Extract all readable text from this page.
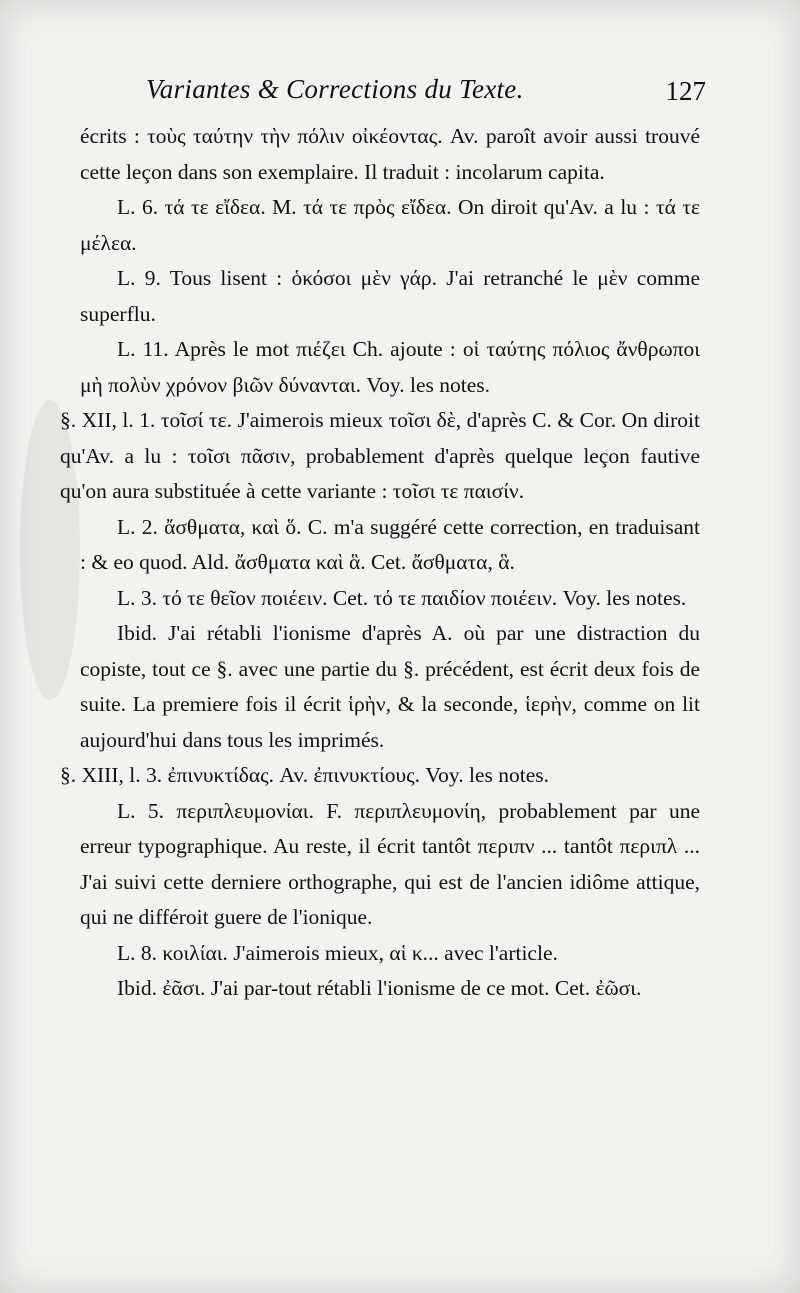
Variantes & Corrections du Texte.	127

écrits : τοὺς ταύτην τὴν πόλιν οἰκέοντας. Av. paroît avoir aussi trouvé cette leçon dans son exemplaire. Il traduit : incolarum capita.

L. 6. τά τε εἴδεα. M. τά τε πρὸς εἴδεα. On diroit qu'Av. a lu : τά τε μέλεα.

L. 9. Tous lisent : ὁκόσοι μὲν γάρ. J'ai retranché le μὲν comme superflu.

L. 11. Après le mot πιέζει Ch. ajoute : οἱ ταύτης πόλιος ἄνθρωποι μὴ πολὺν χρόνον βιῶν δύνανται. Voy. les notes.

§. XII, l. 1. τοῖσί τε. J'aimerois mieux τοῖσι δὲ, d'après C. & Cor. On diroit qu'Av. a lu : τοῖσι πᾶσιν, probablement d'après quelque leçon fautive qu'on aura substituée à cette variante : τοῖσι τε παισίν.

L. 2. ἄσθματα, καὶ ὅ. C. m'a suggéré cette correction, en traduisant : & eo quod. Ald. ἄσθματα καὶ ἃ. Cet. ἄσθματα, ἃ.

L. 3. τό τε θεῖον ποιέειν. Cet. τό τε παιδίον ποιέειν. Voy. les notes.

Ibid. J'ai rétabli l'ionisme d'après A. où par une distraction du copiste, tout ce §. avec une partie du §. précédent, est écrit deux fois de suite. La premiere fois il écrit ἱρὴν, & la seconde, ἱερὴν, comme on lit aujourd'hui dans tous les imprimés.

§. XIII, l. 3. ἐπινυκτίδας. Av. ἐπινυκτίους. Voy. les notes.

L. 5. περιπλευμονίαι. F. περιπλευμονίη, probablement par une erreur typographique. Au reste, il écrit tantôt περιπν ... tantôt περιπλ ... J'ai suivi cette derniere orthographe, qui est de l'ancien idiôme attique, qui ne différoit guere de l'ionique.

L. 8. κοιλίαι. J'aimerois mieux, αἱ κ... avec l'article.

Ibid. ἐᾶσι. J'ai par-tout rétabli l'ionisme de ce mot. Cet. ἐῶσι.
